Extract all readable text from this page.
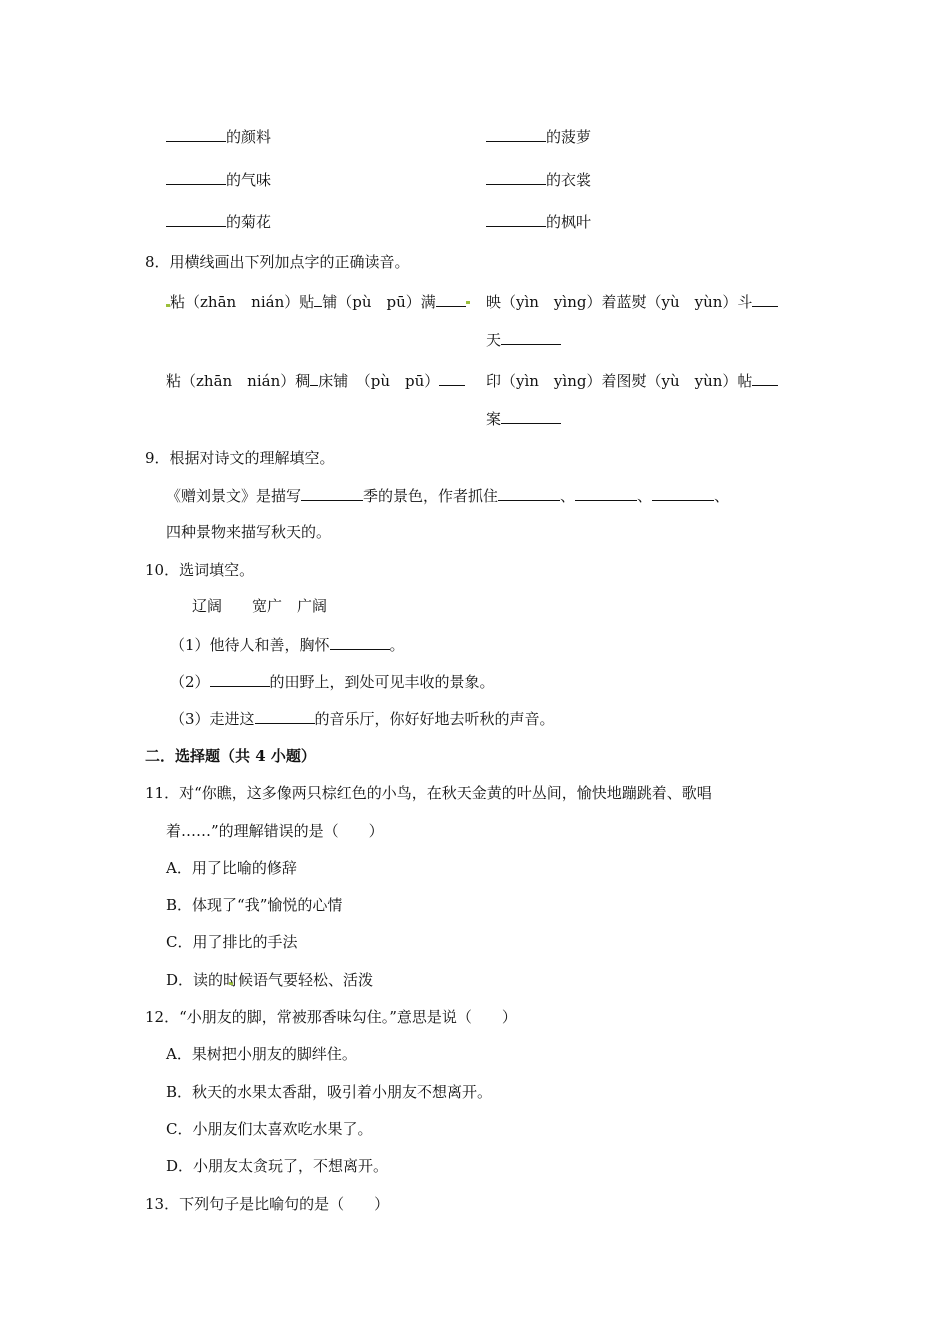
的颜料	的菠萝
的气味	的衣裳
的菊花	的枫叶
8．用横线画出下列加点字的正确读音。
粘（zhān　nián）贴 铺（pù　pū）满	映（yìn　yìng）着蓝熨（yù　yùn）斗
天
粘（zhān　nián）稠 床铺　（pù　pū）	印（yìn　yìng）着图熨（yù　yùn）帖
案
9．根据对诗文的理解填空。
《赠刘景文》是描写	季的景色，作者抓住	、	、	、
四种景物来描写秋天的。
10．选词填空。
辽阔　　宽广　广阔
（1）他待人和善，胸怀	。
（2）	的田野上，到处可见丰收的景象。
（3）走进这	的音乐厅，你好好地去听秋的声音。
二．选择题（共 4 小题）
11．对“你瞧，这多像两只棕红色的小鸟，在秋天金黄的叶丛间，愉快地蹦跳着、歌唱
着……”的理解错误的是（　　）
A．用了比喻的修辞
B．体现了“我”愉悦的心情
C．用了排比的手法
D．读的时候语气要轻松、活泼
12．“小朋友的脚，常被那香味勾住。”意思是说（　　）
A．果树把小朋友的脚绊住。
B．秋天的水果太香甜，吸引着小朋友不想离开。
C．小朋友们太喜欢吃水果了。
D．小朋友太贪玩了，不想离开。
13．下列句子是比喻句的是（　　）
